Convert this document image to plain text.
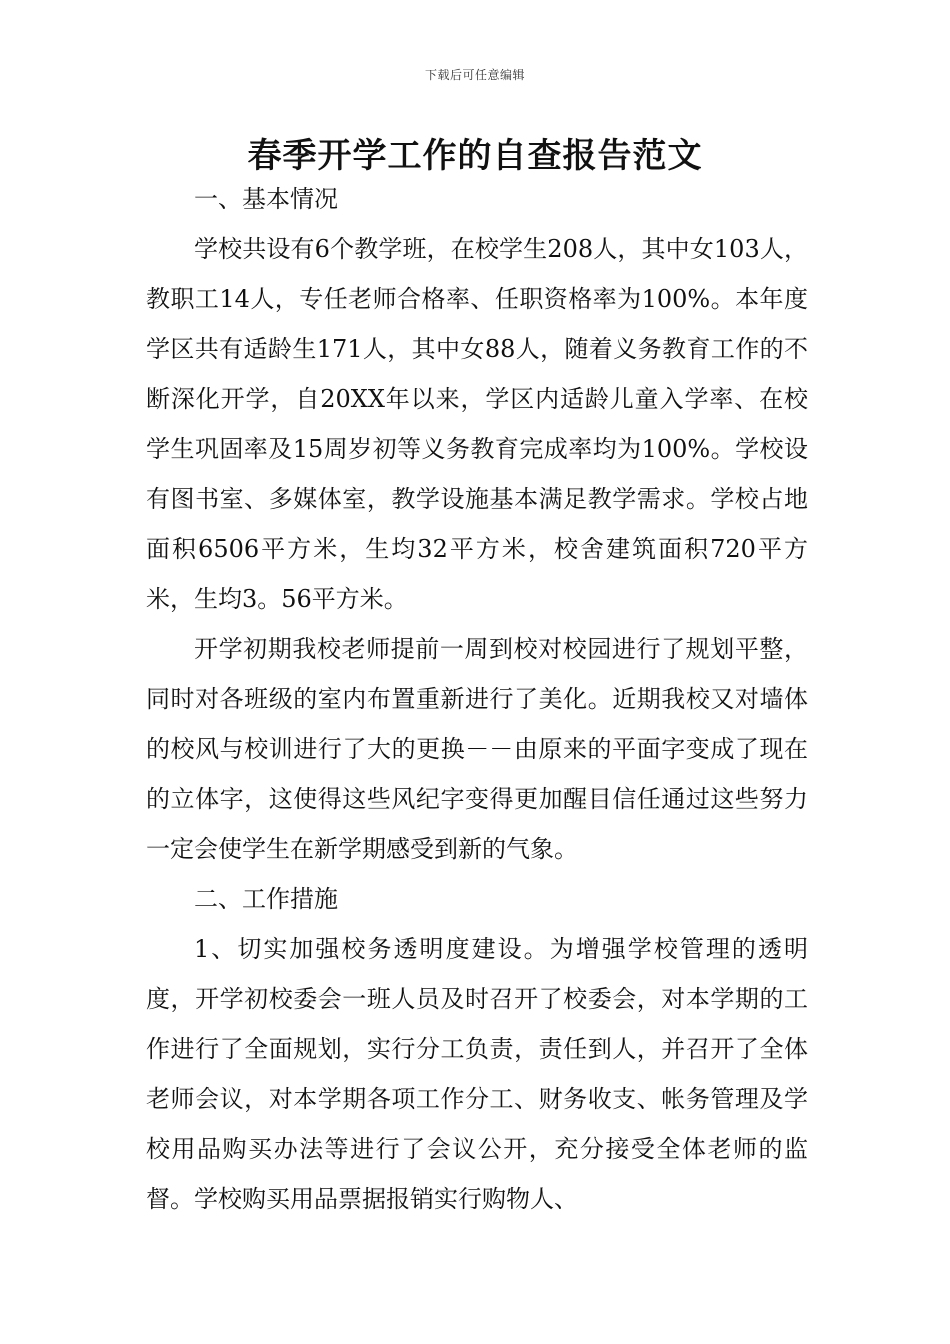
下载后可任意编辑
春季开学工作的自查报告范文

一、基本情况

学校共设有6个教学班，在校学生208人，其中女103人，教职工14人，专任老师合格率、任职资格率为100%。本年度学区共有适龄生171人，其中女88人，随着义务教育工作的不断深化开学，自20XX年以来，学区内适龄儿童入学率、在校学生巩固率及15周岁初等义务教育完成率均为100%。学校设有图书室、多媒体室，教学设施基本满足教学需求。学校占地面积6506平方米，生均32平方米，校舍建筑面积720平方米，生均3。56平方米。

开学初期我校老师提前一周到校对校园进行了规划平整，同时对各班级的室内布置重新进行了美化。近期我校又对墙体的校风与校训进行了大的更换－－由原来的平面字变成了现在的立体字，这使得这些风纪字变得更加醒目信任通过这些努力一定会使学生在新学期感受到新的气象。

二、工作措施

1、切实加强校务透明度建设。为增强学校管理的透明度，开学初校委会一班人员及时召开了校委会，对本学期的工作进行了全面规划，实行分工负责，责任到人，并召开了全体老师会议，对本学期各项工作分工、财务收支、帐务管理及学校用品购买办法等进行了会议公开，充分接受全体老师的监督。学校购买用品票据报销实行购物人、
